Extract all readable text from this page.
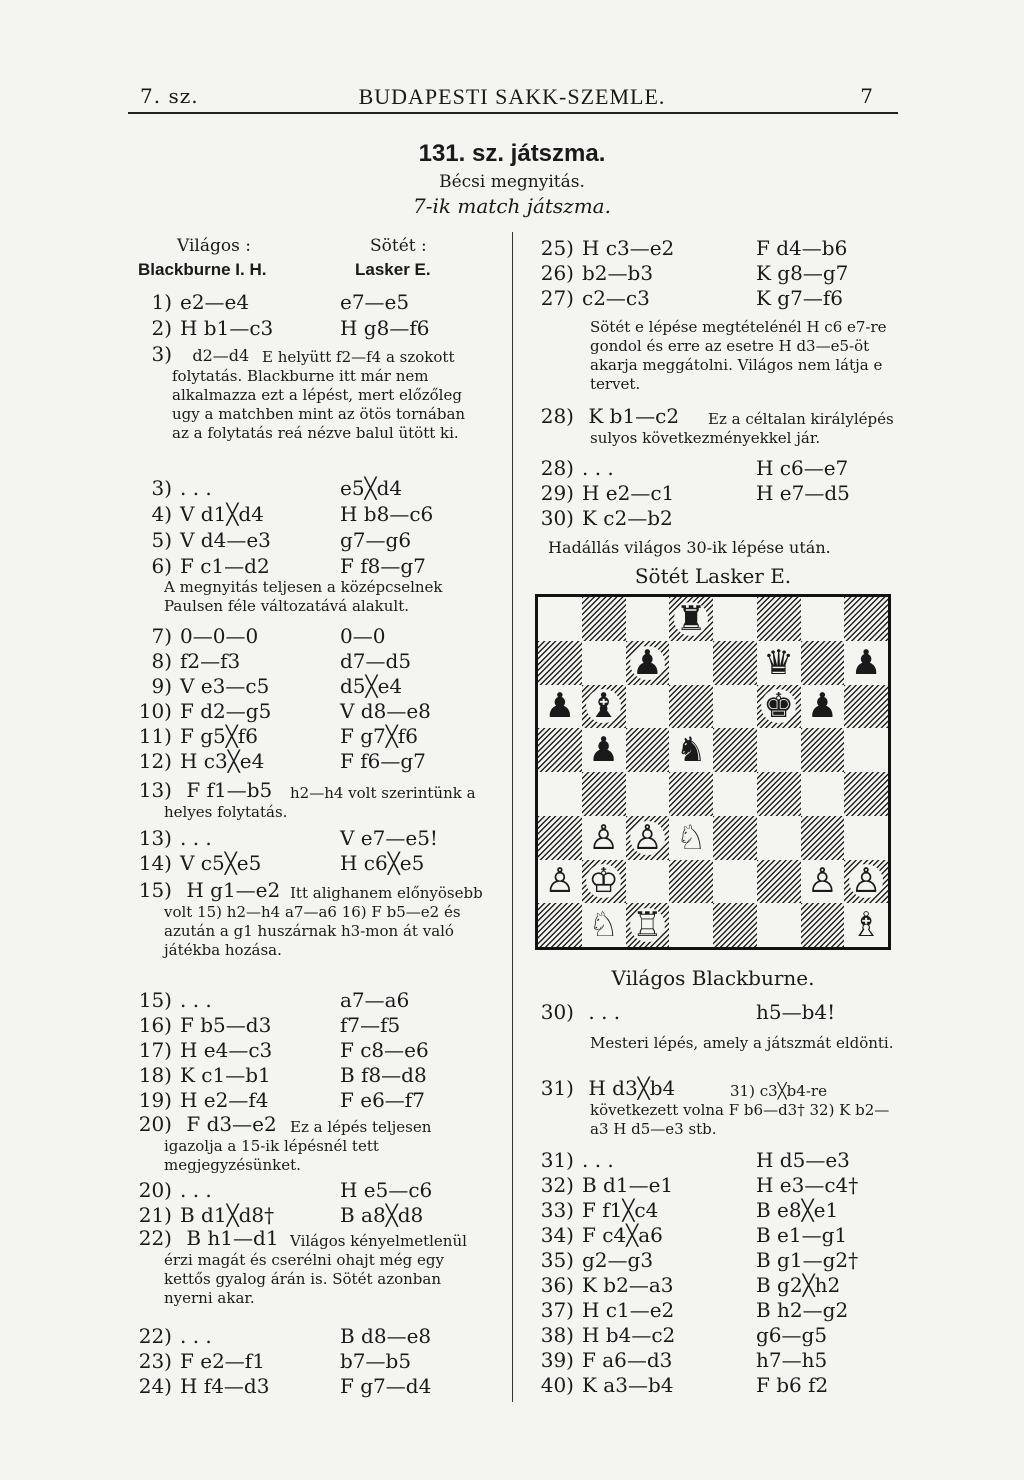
7. sz.	BUDAPESTI SAKK-SZEMLE.	7
131. sz. játszma.
Bécsi megnyitás.
7-ik match játszma.
Világos :	Sötét :
Blackburne I. H.	Lasker E.
1) e2—e4	e7—e5
2) H b1—c3	H g8—f6
3) d2—d4 E helyütt f2—f4 a szokott folytatás. Blackburne itt már nem alkalmazza ezt a lépést, mert előzőleg ugy a matchben mint az ötös tornában az a folytatás reá nézve balul ütött ki.
3) . . .	e5╳d4
4) V d1╳d4	H b8—c6
5) V d4—e3	g7—g6
6) F c1—d2	F f8—g7
A megnyitás teljesen a középcselnek Paulsen féle változatává alakult.
7) 0—0—0	0—0
8) f2—f3	d7—d5
9) V e3—c5	d5╳e4
10) F d2—g5	V d8—e8
11) F g5╳f6	F g7╳f6
12) H c3╳e4	F f6—g7
13) F f1—b5	h2—h4 volt szerintünk a helyes folytatás.
13) . . .	V e7—e5!
14) V c5╳e5	H c6╳e5
15) H g1—e2 Itt alighanem előnyösebb volt 15) h2—h4 a7—a6 16) F b5—e2 és azután a g1 huszárnak h3-mon át való játékba hozása.
15) . . .	a7—a6
16) F b5—d3	f7—f5
17) H e4—c3	F c8—e6
18) K c1—b1	B f8—d8
19) H e2—f4	F e6—f7
20) F d3—e2 Ez a lépés teljesen igazolja a 15-ik lépésnél tett megjegyzésünket.
20) . . .	H e5—c6
21) B d1╳d8†	B a8╳d8
22) B h1—d1 Világos kényelmetlenül érzi magát és cserélni ohajt még egy kettős gyalog árán is. Sötét azonban nyerni akar.
22) . . .	B d8—e8
23) F e2—f1	b7—b5
24) H f4—d3	F g7—d4
25) H c3—e2	F d4—b6
26) b2—b3	K g8—g7
27) c2—c3	K g7—f6
Sötét e lépése megtételénél H c6 e7-re gondol és erre az esetre H d3—e5-öt akarja meggátolni. Világos nem látja e tervet.
28) K b1—c2	Ez a céltalan királylépés sulyos következményekkel jár.
28) . . .	H c6—e7
29) H e2—c1	H e7—d5
30) K c2—b2
Hadállás világos 30-ik lépése után.
Sötét Lasker E.
♜
♟	♛ ♟
♟ ♝	♚ ♟
♟ ♞
♙ ♙ ♘
♙ ♔	♙ ♙
♘ ♖	♗
Világos Blackburne.
30) . . .	h5—b4!
Mesteri lépés, amely a játszmát eldönti.
31) H d3╳b4	31) c3╳b4-re következett volna F b6—d3† 32) K b2—a3 H d5—e3 stb.
31) . . .	H d5—e3
32) B d1—e1	H e3—c4†
33) F f1╳c4	B e8╳e1
34) F c4╳a6	B e1—g1
35) g2—g3	B g1—g2†
36) K b2—a3	B g2╳h2
37) H c1—e2	B h2—g2
38) H b4—c2	g6—g5
39) F a6—d3	h7—h5
40) K a3—b4	F b6 f2
